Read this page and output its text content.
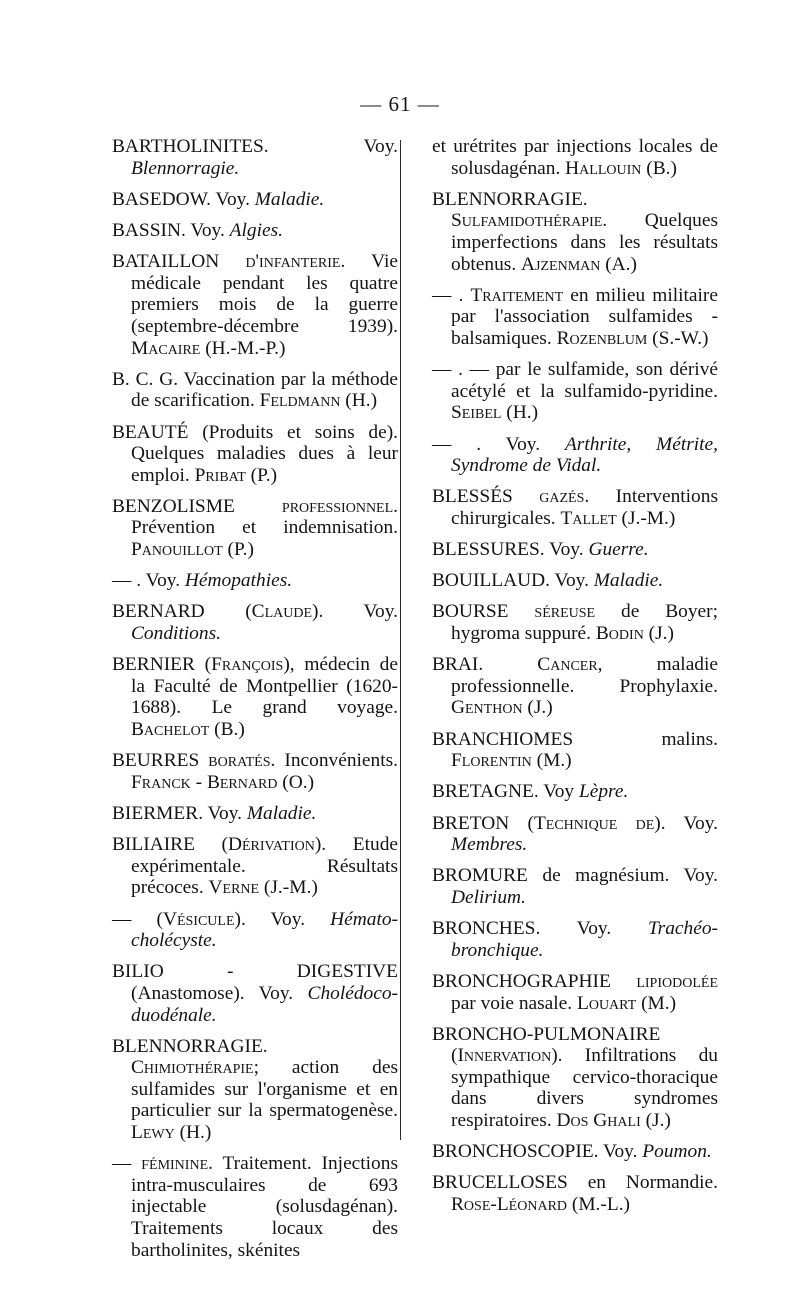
— 61 —

BARTHOLINITES. Voy. Blennorragie.

BASEDOW. Voy. Maladie.

BASSIN. Voy. Algies.

BATAILLON d'infanterie. Vie médicale pendant les quatre premiers mois de la guerre (septembre-décembre 1939). Macaire (H.-M.-P.)

B. C. G. Vaccination par la méthode de scarification. Feldmann (H.)

BEAUTÉ (Produits et soins de). Quelques maladies dues à leur emploi. Pribat (P.)

BENZOLISME professionnel. Prévention et indemnisation. Panouillot (P.)

— . Voy. Hémopathies.

BERNARD (Claude). Voy. Conditions.

BERNIER (François), médecin de la Faculté de Montpellier (1620-1688). Le grand voyage. Bachelot (B.)

BEURRES boratés. Inconvénients. Franck - Bernard (O.)

BIERMER. Voy. Maladie.

BILIAIRE (Dérivation). Etude expérimentale. Résultats précoces. Verne (J.-M.)

— (Vésicule). Voy. Hémato-cholécyste.

BILIO - DIGESTIVE (Anastomose). Voy. Cholédoco-duodénale.

BLENNORRAGIE. Chimiothérapie; action des sulfamides sur l'organisme et en particulier sur la spermatogenèse. Lewy (H.)

— féminine. Traitement. Injections intra-musculaires de 693 injectable (solusdagénan). Traitements locaux des bartholinites, skénites

et urétrites par injections locales de solusdagénan. Hallouin (B.)

BLENNORRAGIE. Sulfamidothérapie. Quelques imperfections dans les résultats obtenus. Ajzenman (A.)

— . Traitement en milieu militaire par l'association sulfamides - balsamiques. Rozenblum (S.-W.)

— . — par le sulfamide, son dérivé acétylé et la sulfamido-pyridine. Seibel (H.)

— . Voy. Arthrite, Métrite, Syndrome de Vidal.

BLESSÉS gazés. Interventions chirurgicales. Tallet (J.-M.)

BLESSURES. Voy. Guerre.

BOUILLAUD. Voy. Maladie.

BOURSE séreuse de Boyer; hygroma suppuré. Bodin (J.)

BRAI. Cancer, maladie professionnelle. Prophylaxie. Genthon (J.)

BRANCHIOMES malins. Florentin (M.)

BRETAGNE. Voy Lèpre.

BRETON (Technique de). Voy. Membres.

BROMURE de magnésium. Voy. Delirium.

BRONCHES. Voy. Trachéo-bronchique.

BRONCHOGRAPHIE lipiodolée par voie nasale. Louart (M.)

BRONCHO-PULMONAIRE (Innervation). Infiltrations du sympathique cervico-thoracique dans divers syndromes respiratoires. Dos Ghali (J.)

BRONCHOSCOPIE. Voy. Poumon.

BRUCELLOSES en Normandie. Rose-Léonard (M.-L.)
